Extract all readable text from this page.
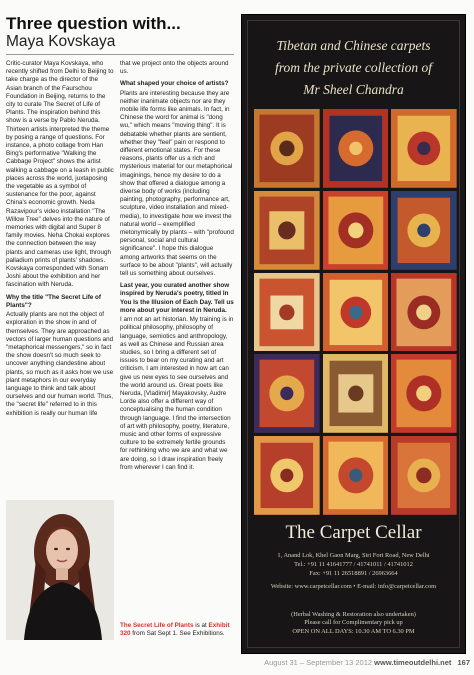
Three question with...
Maya Kovskaya

Critic-curator Maya Kovskaya, who recently shifted from Delhi to Beijing to take charge as the director of the Asian branch of the Faurschou Foundation in Beijing, returns to the city to curate The Secret of Life of Plants. The inspiration behind this show is a verse by Pablo Neruda. Thirteen artists interpreted the theme by posing a range of questions. For instance, a photo collage from Han Bing's performative "Walking the Cabbage Project" shows the artist walking a cabbage on a leash in public places across the world, juxtaposing the vegetable as a symbol of sustenance for the poor, against China's economic growth. Neda Razavipour's video installation "The Willow Tree" delves into the nature of memories with digital and Super 8 family movies. Neha Chokai explores the connection between the way plants and cameras use light, through palladium prints of plants' shadows. Kovskaya corresponded with Sonam Joshi about the exhibition and her fascination with Neruda.

Why the title "The Secret Life of Plants"?

Actually plants are not the object of exploration in the show in and of themselves. They are approached as vectors of larger human questions and "metaphorical messengers," so in fact the show doesn't so much seek to uncover anything clandestine about plants, so much as it asks how we use plant metaphors in our everyday language to think and talk about ourselves and our human world. Thus, the "secret life" referred to in this exhibition is really our human life

that we project onto the objects around us.

What shaped your choice of artists?

Plants are interesting because they are neither inanimate objects nor are they mobile life forms like animals. In fact, in Chinese the word for animal is "dong wu," which means "moving thing". It is debatable whether plants are sentient, whether they "feel" pain or respond to different emotional states. For these reasons, plants offer us a rich and mysterious material for our metaphorical imaginings, hence my desire to do a show that offered a dialogue among a diverse body of works (including painting, photography, performance art, sculpture, video installation and mixed-media), to investigate how we invest the natural world – exemplified metonymically by plants – with "profound personal, social and cultural significance". I hope this dialogue among artworks that seems on the surface to be about "plants", will actually tell us something about ourselves.

Last year, you curated another show inspired by Neruda's poetry, titled In You Is the Illusion of Each Day. Tell us more about your interest in Neruda.

I am not an art historian. My training is in political philosophy, philosophy of language, semiotics and anthropology, as well as Chinese and Russian area studies, so I bring a different set of issues to bear on my curating and art criticism. I am interested in how art can give us new eyes to see ourselves and the world around us. Great poets like Neruda, [Vladimir] Mayakovsky, Audre Lorde also offer a different way of conceptualising the human condition through language. I find the intersection of art with philosophy, poetry, literature, music and other forms of expressive culture to be extremely fertile grounds for rethinking who we are and what we are doing, so I draw inspiration freely from wherever I can find it.

The Secret Life of Plants is at Exhibit 320 from Sat Sept 1. See Exhibitions.
Tibetan and Chinese carpets
from the private collection of
Mr Sheel Chandra
The Carpet Cellar
1, Anand Lok, Khel Gaon Marg, Siri Fort Road, New Delhi
Tel.: +91 11 41641777 / 41741011 / 41741012
Fax: +91 11 26518891 / 26963664
Website: www.carpetcellar.com • E-mail: info@carpetcellar.com
(Herbal Washing & Restoration also undertaken)
Please call for Complimentary pick up
OPEN ON ALL DAYS: 10.30 AM TO 6.30 PM
August 31 – September 13 2012 www.timeoutdelhi.net 167
